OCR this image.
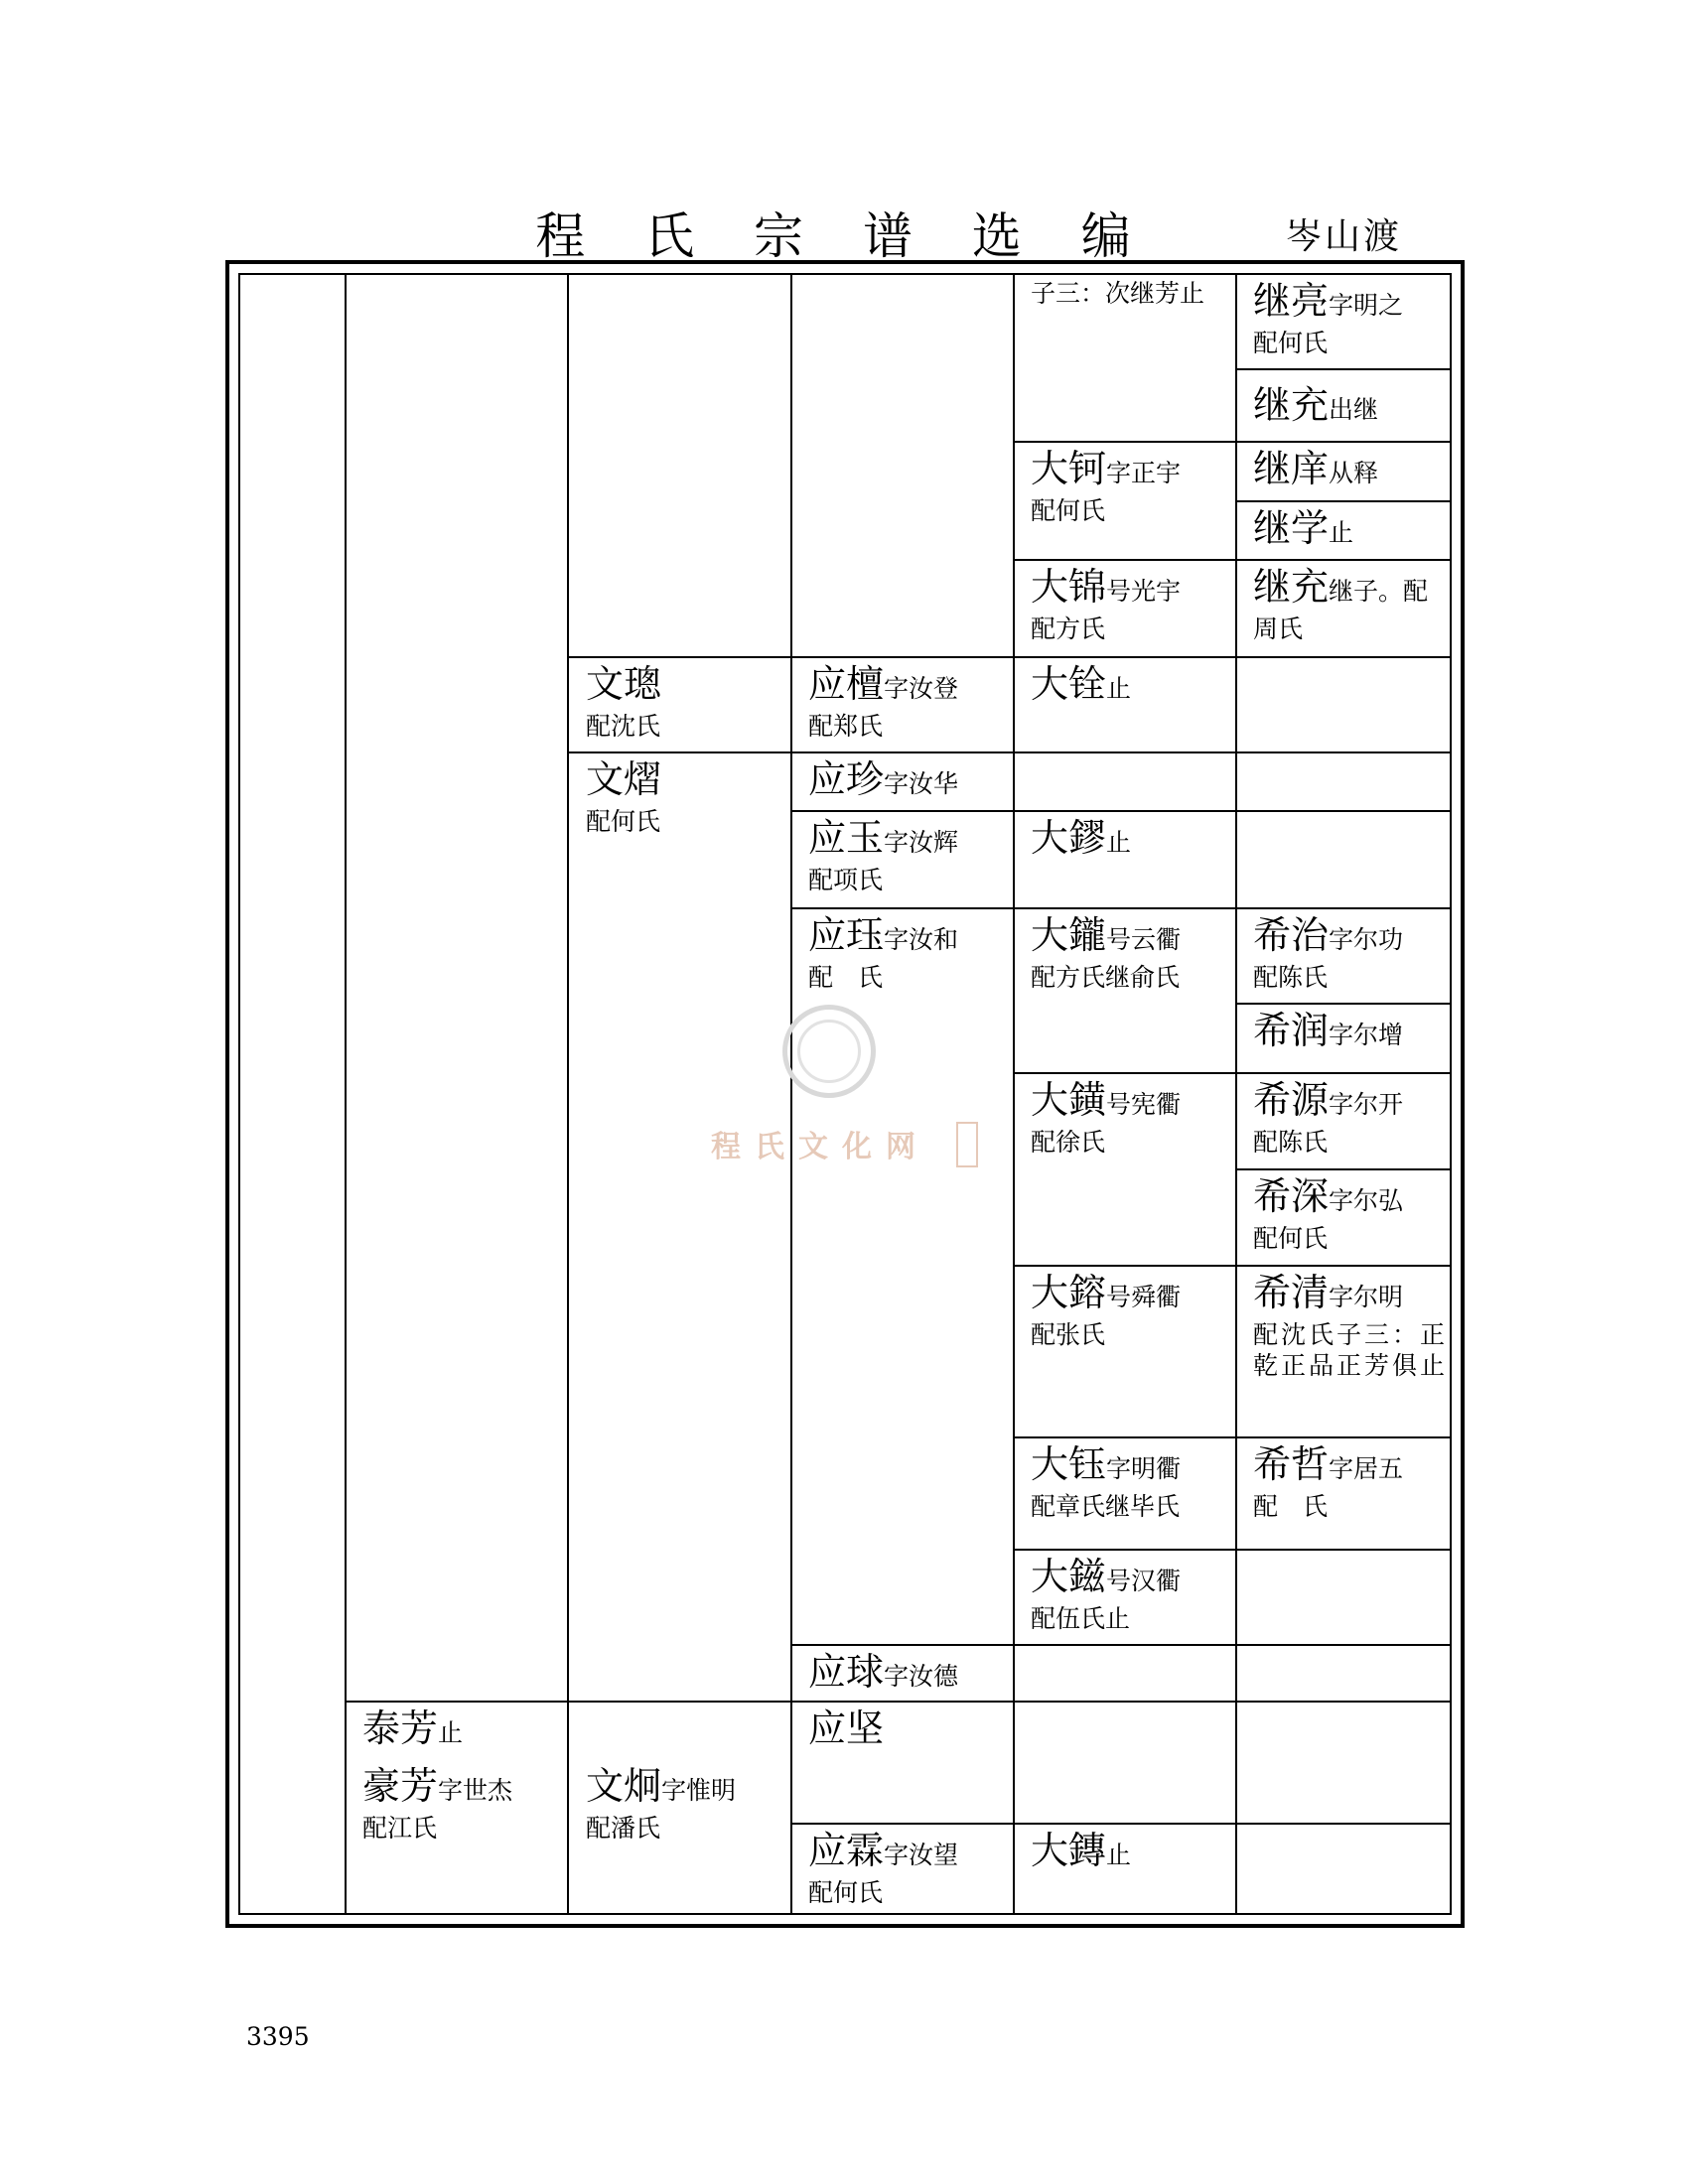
程 氏 宗 谱 选 编	岑山渡
程氏文化网
泰芳止
豪芳字世杰
配江氏
文璁
配沈氏
文熠
配何氏
文炯字惟明
配潘氏
应檀字汝登
配郑氏
应珍字汝华
应玉字汝辉
配项氏
应珏字汝和
配　氏
应球字汝德
应坚
应霖字汝望
配何氏
子三：次继芳止
大钶字正宇
配何氏
大锦号光宇
配方氏
大铨止
大鏐止
大鑨号云衢
配方氏继俞氏
大鐄号宪衢
配徐氏
大鎔号舜衢
配张氏
大钰字明衢
配章氏继毕氏
大鎡号汉衢
配伍氏止
大鏄止
继亮字明之
配何氏
继充出继
继庠从释
继学止
继充继子。配
周氏
希治字尔功
配陈氏
希润字尔增
希源字尔开
配陈氏
希深字尔弘
配何氏
希清字尔明
配沈氏子三：正乾正品正芳俱止
希哲字居五
配　氏
3395
